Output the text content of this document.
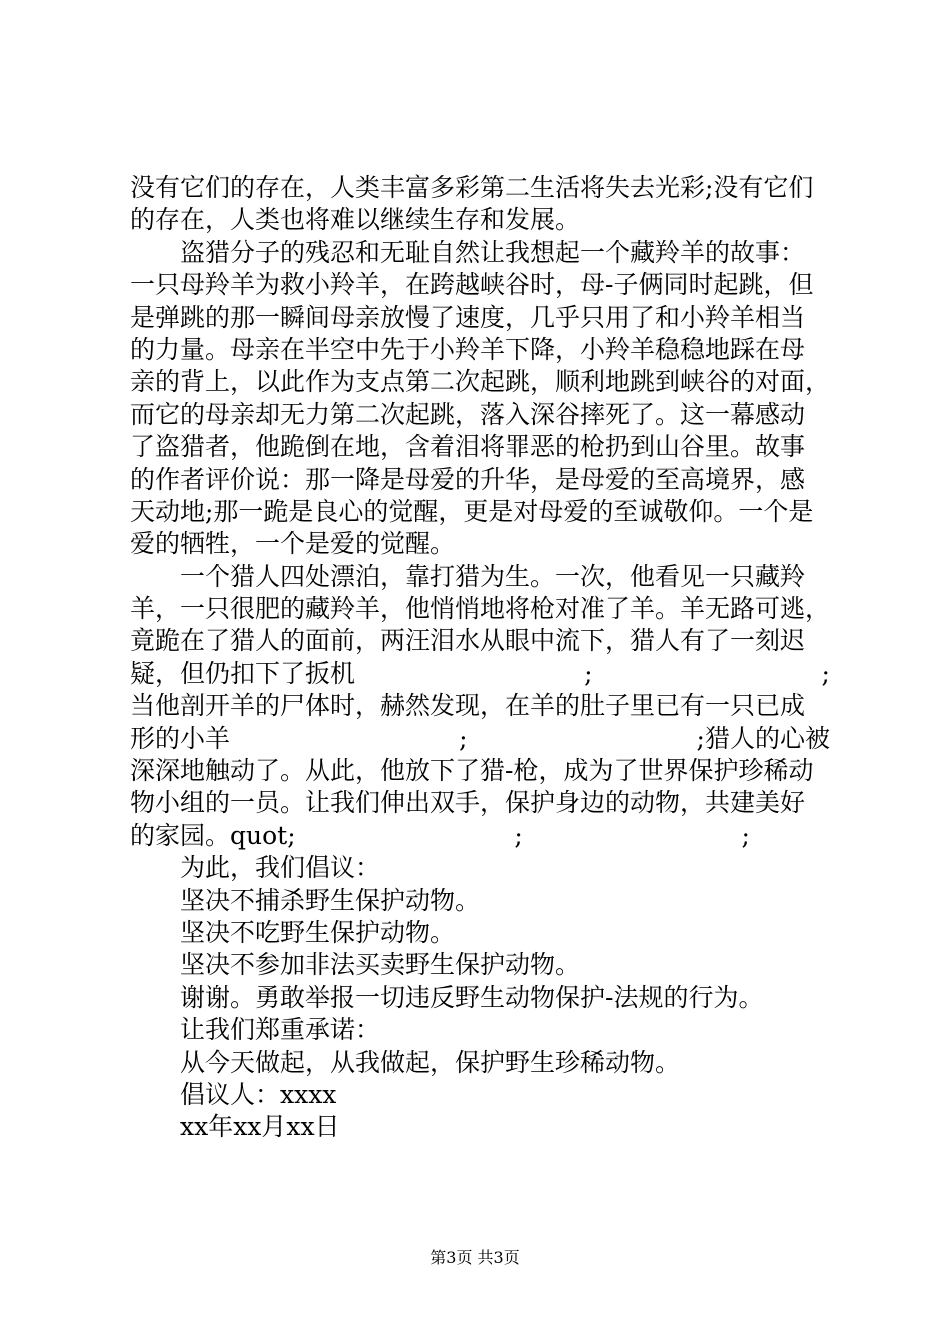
没有它们的存在，人类丰富多彩第二生活将失去光彩;没有它们
的存在，人类也将难以继续生存和发展。
盗猎分子的残忍和无耻自然让我想起一个藏羚羊的故事：
一只母羚羊为救小羚羊，在跨越峡谷时，母-子俩同时起跳，但
是弹跳的那一瞬间母亲放慢了速度，几乎只用了和小羚羊相当
的力量。母亲在半空中先于小羚羊下降，小羚羊稳稳地踩在母
亲的背上，以此作为支点第二次起跳，顺利地跳到峡谷的对面，
而它的母亲却无力第二次起跳，落入深谷摔死了。这一幕感动
了盗猎者，他跪倒在地，含着泪将罪恶的枪扔到山谷里。故事
的作者评价说：那一降是母爱的升华，是母爱的至高境界，感
天动地;那一跪是良心的觉醒，更是对母爱的至诚敬仰。一个是
爱的牺牲，一个是爱的觉醒。
一个猎人四处漂泊，靠打猎为生。一次，他看见一只藏羚
羊，一只很肥的藏羚羊，他悄悄地将枪对准了羊。羊无路可逃，
竟跪在了猎人的面前，两汪泪水从眼中流下，猎人有了一刻迟
疑，但仍扣下了扳机	;	;
当他剖开羊的尸体时，赫然发现，在羊的肚子里已有一只已成
形的小羊	;	;猎人的心被
深深地触动了。从此，他放下了猎-枪，成为了世界保护珍稀动
物小组的一员。让我们伸出双手，保护身边的动物，共建美好
的家园。quot;	;	;
为此，我们倡议：
坚决不捕杀野生保护动物。
坚决不吃野生保护动物。
坚决不参加非法买卖野生保护动物。
谢谢。勇敢举报一切违反野生动物保护-法规的行为。
让我们郑重承诺：
从今天做起，从我做起，保护野生珍稀动物。
倡议人：xxxx
xx年xx月xx日
第3页 共3页
